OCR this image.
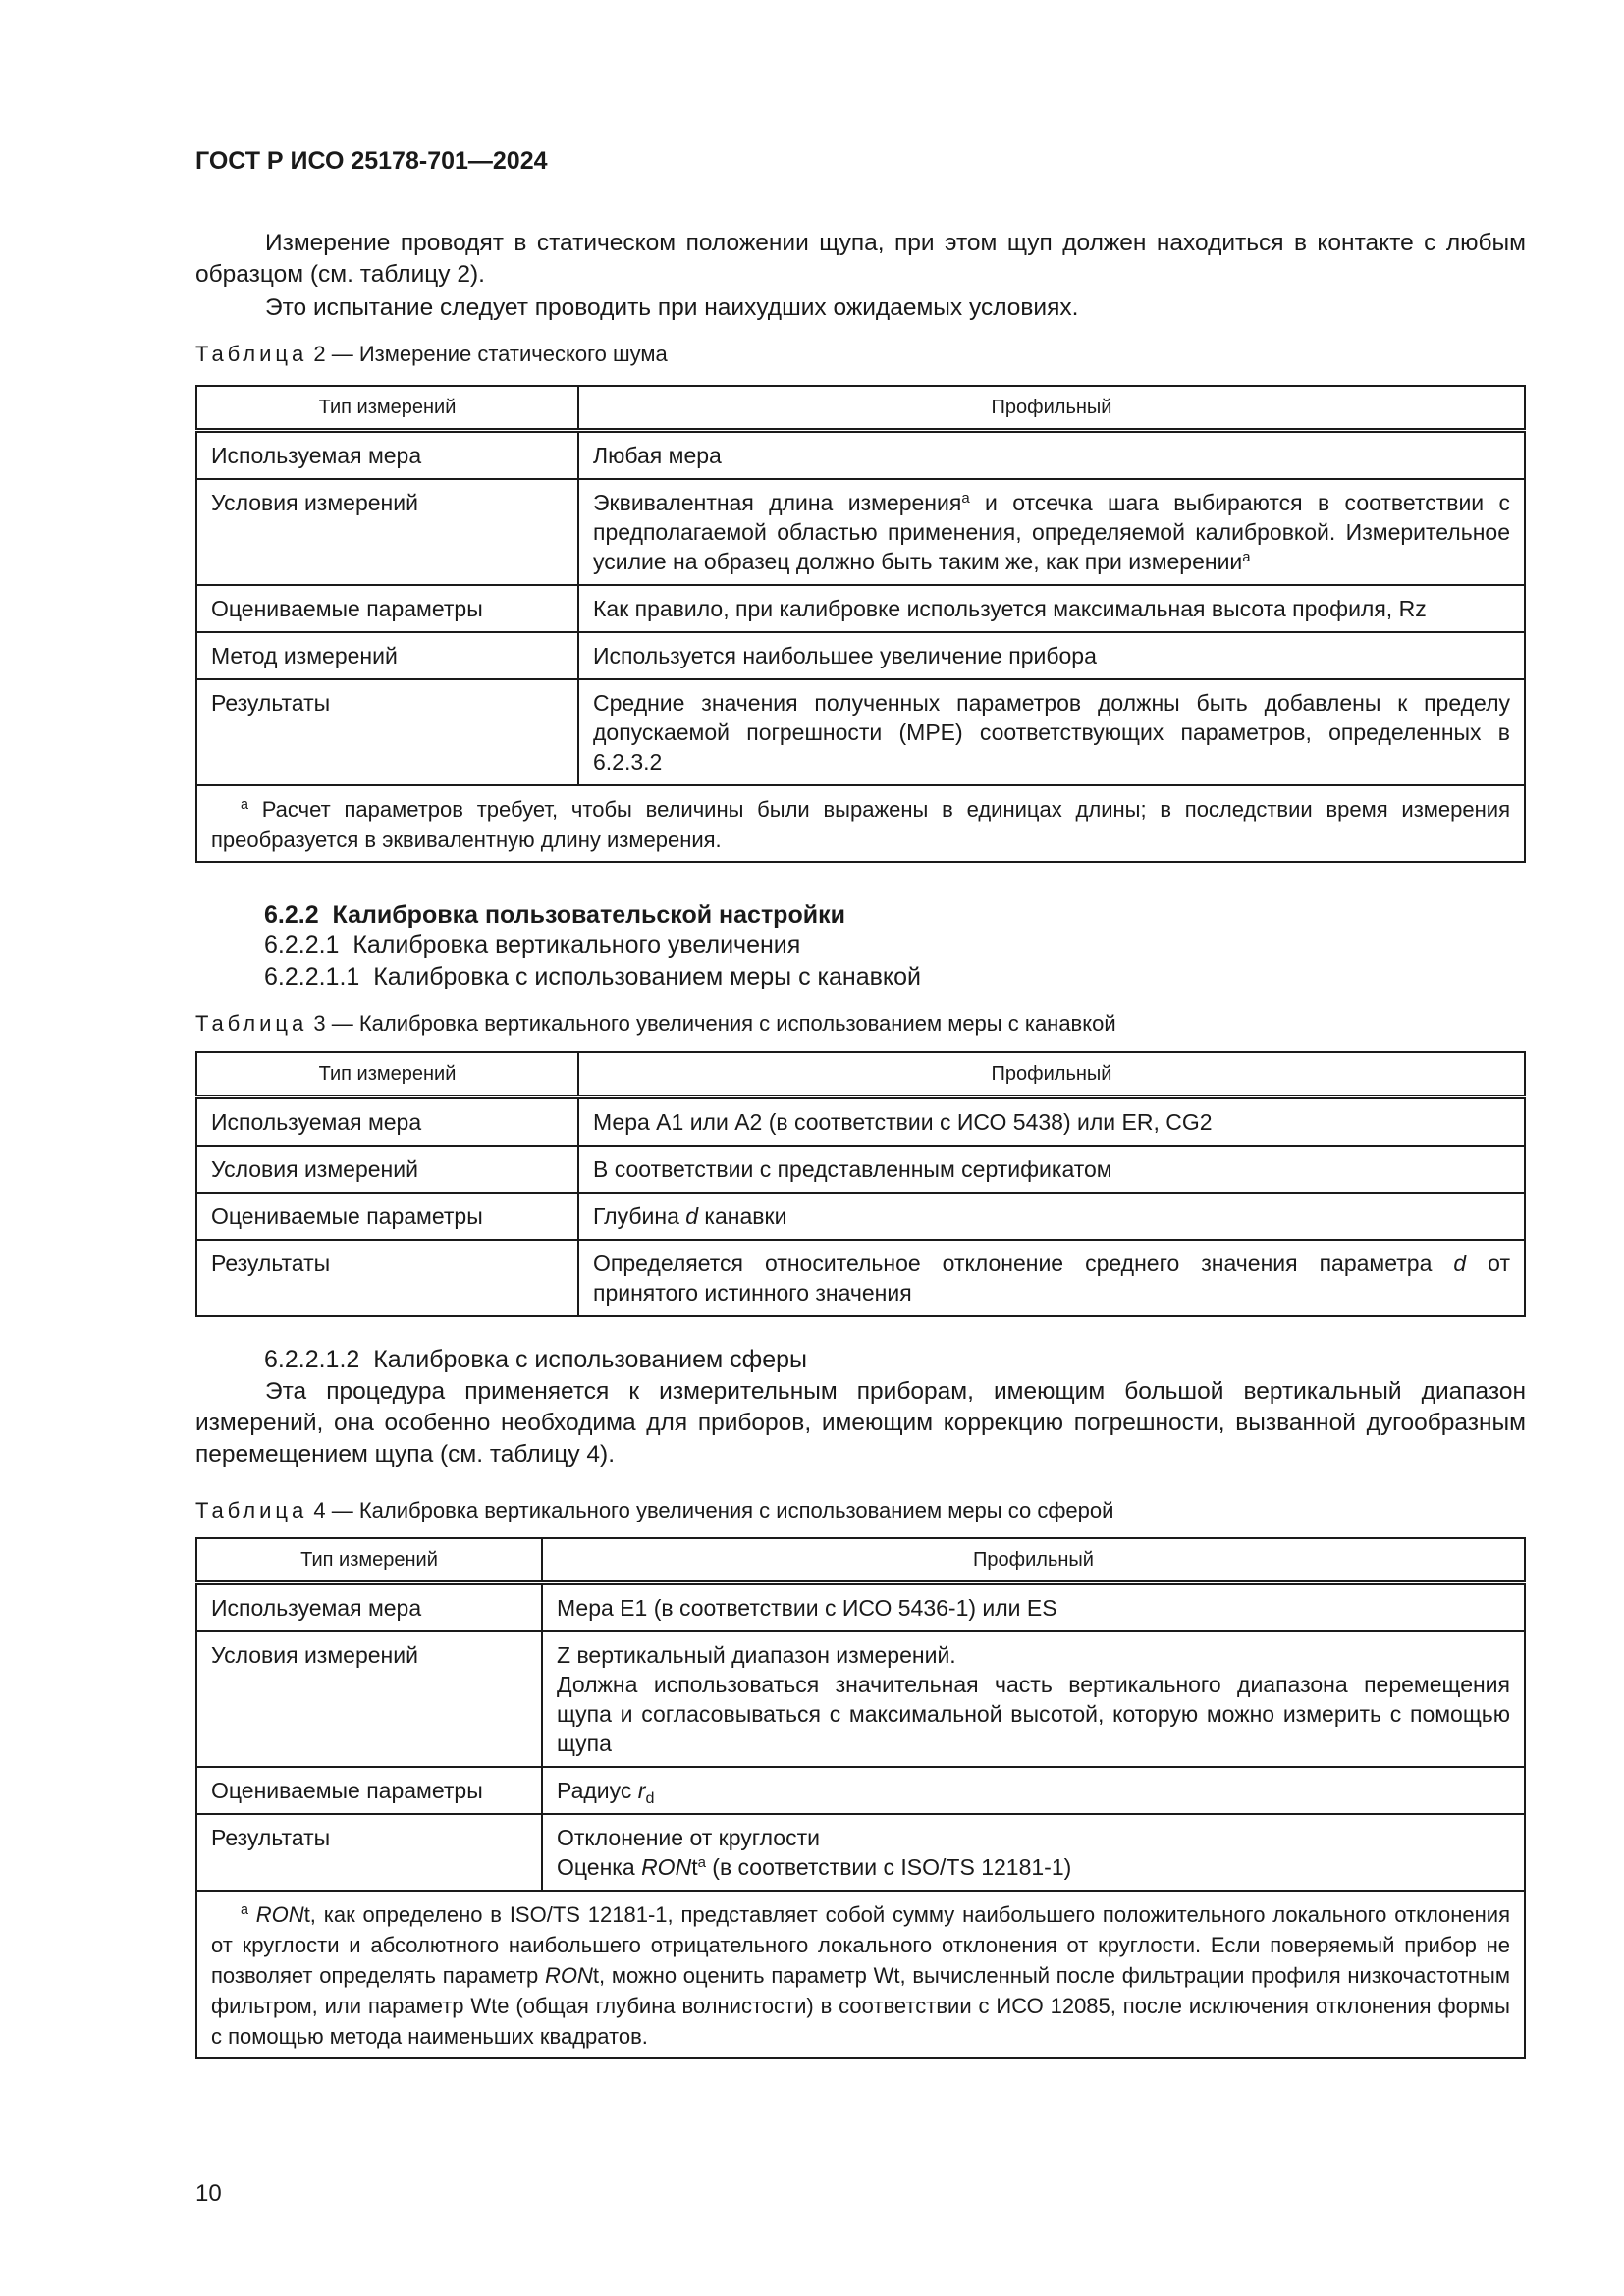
ГОСТ Р ИСО 25178-701—2024
Измерение проводят в статическом положении щупа, при этом щуп должен находиться в контакте с любым образцом (см. таблицу 2).
Это испытание следует проводить при наихудших ожидаемых условиях.
Таблица 2 — Измерение статического шума
Тип измерений	Профильный
Используемая мера	Любая мера
Условия измерений	Эквивалентная длина измерения$^a$ и отсечка шага выбираются в соответствии с предполагаемой областью применения, определяемой калибровкой. Измерительное усилие на образец должно быть таким же, как при измерении$^a$
Оцениваемые параметры	Как правило, при калибровке используется максимальная высота профиля, Rz
Метод измерений	Используется наибольшее увеличение прибора
Результаты	Средние значения полученных параметров должны быть добавлены к пределу допускаемой погрешности (MPE) соответствующих параметров, определенных в 6.2.3.2
$^a$ Расчет параметров требует, чтобы величины были выражены в единицах длины; в последствии время измерения преобразуется в эквивалентную длину измерения.	
6.2.2 Калибровка пользовательской настройки
6.2.2.1  Калибровка вертикального увеличения
6.2.2.1.1  Калибровка с использованием меры с канавкой
Таблица 3 — Калибровка вертикального увеличения с использованием меры с канавкой
Тип измерений	Профильный
Используемая мера	Мера А1 или А2 (в соответствии с ИСО 5438) или ER, CG2
Условия измерений	В соответствии с представленным сертификатом
Оцениваемые параметры	Глубина d канавки
Результаты	Определяется относительное отклонение среднего значения параметра d от принятого истинного значения
6.2.2.1.2  Калибровка с использованием сферы
Эта процедура применяется к измерительным приборам, имеющим большой вертикальный диапазон измерений, она особенно необходима для приборов, имеющим коррекцию погрешности, вызванной дугообразным перемещением щупа (см. таблицу 4).
Таблица 4 — Калибровка вертикального увеличения с использованием меры со сферой
Тип измерений	Профильный
Используемая мера	Мера Е1 (в соответствии с ИСО 5436-1) или ES
Условия измерений	Z вертикальный диапазон измерений.
Должна использоваться значительная часть вертикального диапазона перемещения щупа и согласовываться с максимальной высотой, которую можно измерить с помощью щупа

Оцениваемые параметры	Радиус $r_d$
Результаты	Отклонение от круглости
Оценка RONt$^a$ (в соответствии с ISO/TS 12181-1)

$^a$ RONt, как определено в ISO/TS 12181-1, представляет собой сумму наибольшего положительного локального отклонения от круглости и абсолютного наибольшего отрицательного локального отклонения от круглости. Если поверяемый прибор не позволяет определять параметр RONt, можно оценить параметр Wt, вычисленный после фильтрации профиля низкочастотным фильтром, или параметр Wte (общая глубина волнистости) в соответствии с ИСО 12085, после исключения отклонения формы с помощью метода наименьших квадратов.	
10
